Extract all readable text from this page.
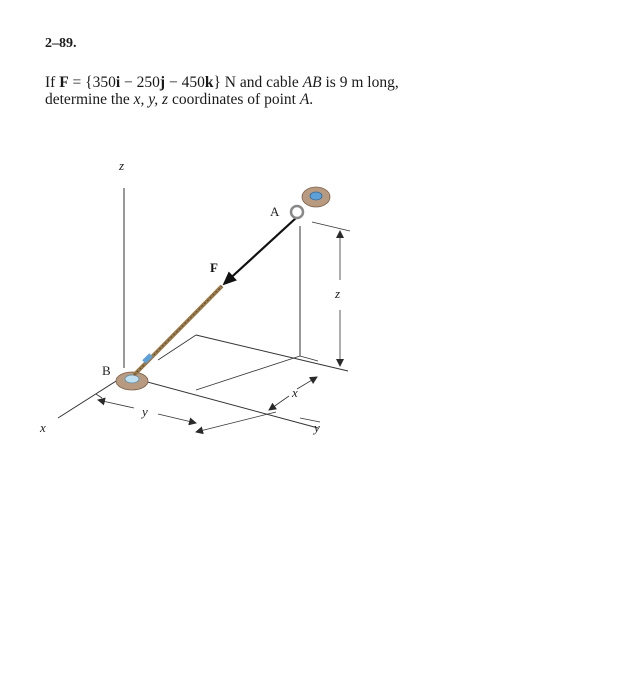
2–89.
If F = {350i − 250j − 450k} N and cable AB is 9 m long,
determine the x, y, z coordinates of point A.
z
x
z
x
y
y
B
F
A
